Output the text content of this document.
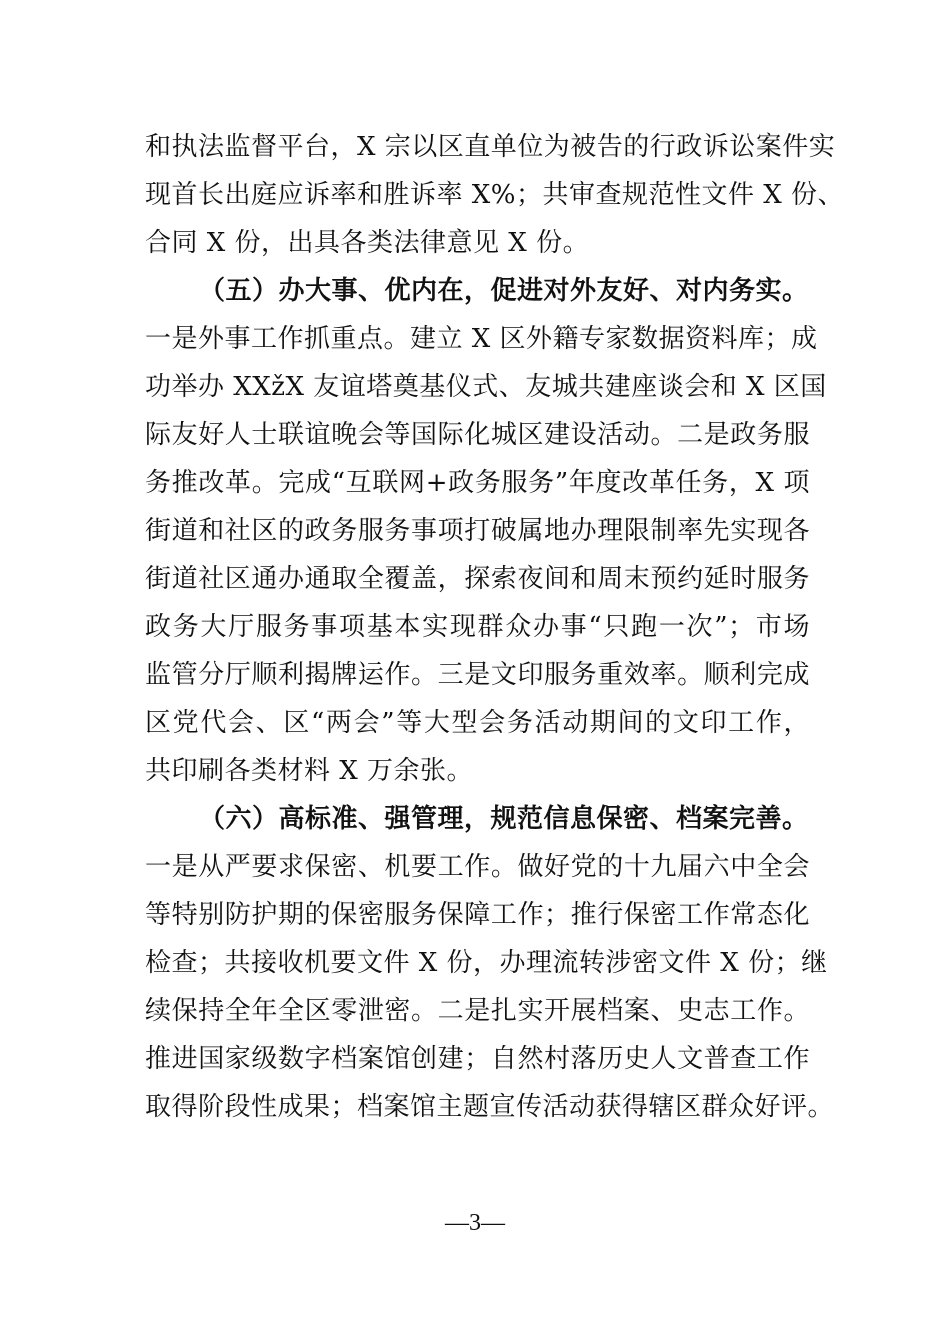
和执法监督平台，X 宗以区直单位为被告的行政诉讼案件实
现首长出庭应诉率和胜诉率 X%；共审查规范性文件 X 份、
合同 X 份，出具各类法律意见 X 份。
（五）办大事、优内在，促进对外友好、对内务实。
一是外事工作抓重点。建立 X 区外籍专家数据资料库；成
功举办 XXžX 友谊塔奠基仪式、友城共建座谈会和 X 区国
际友好人士联谊晚会等国际化城区建设活动。二是政务服
务推改革。完成“互联网+政务服务”年度改革任务，X 项
街道和社区的政务服务事项打破属地办理限制率先实现各
街道社区通办通取全覆盖，探索夜间和周末预约延时服务
政务大厅服务事项基本实现群众办事“只跑一次”；市场
监管分厅顺利揭牌运作。三是文印服务重效率。顺利完成
区党代会、区“两会”等大型会务活动期间的文印工作，
共印刷各类材料 X 万余张。
（六）高标准、强管理，规范信息保密、档案完善。
一是从严要求保密、机要工作。做好党的十九届六中全会
等特别防护期的保密服务保障工作；推行保密工作常态化
检查；共接收机要文件 X 份，办理流转涉密文件 X 份；继
续保持全年全区零泄密。二是扎实开展档案、史志工作。
推进国家级数字档案馆创建；自然村落历史人文普查工作
取得阶段性成果；档案馆主题宣传活动获得辖区群众好评。
—3—
